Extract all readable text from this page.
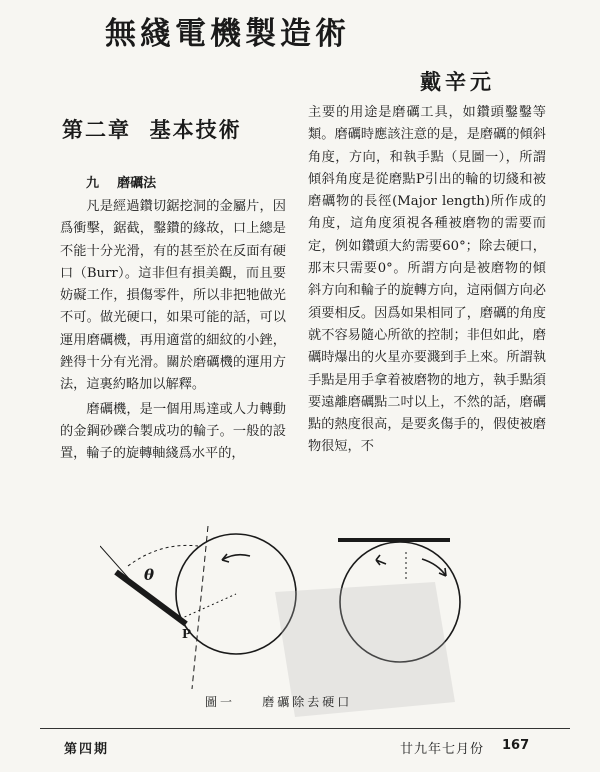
無綫電機製造術
戴辛元
第二章 基本技術
九 磨礪法

凡是經過鑽切鋸挖洞的金屬片，因爲衝擊，鋸截，鑿鑽的緣故，口上總是不能十分光滑，有的甚至於在反面有硬口（Burr）。這非但有損美觀，而且要妨礙工作，損傷零件，所以非把牠做光不可。做光硬口，如果可能的話，可以運用磨礪機，再用適當的細紋的小銼，銼得十分有光滑。關於磨礪機的運用方法，這裏約略加以解釋。

磨礪機，是一個用馬達或人力轉動的金鋼砂礫合製成功的輪子。一般的設置，輪子的旋轉軸綫爲水平的，

主要的用途是磨礪工具，如鑽頭鑿鑿等類。磨礪時應該注意的是，是磨礪的傾斜角度，方向，和執手點（見圖一），所謂傾斜角度是從磨點P引出的輪的切綫和被磨礪物的長徑(Major length)所作成的角度，這角度須視各種被磨物的需要而定，例如鑽頭大約需要60°；除去硬口，那末只需要0°。所謂方向是被磨物的傾斜方向和輪子的旋轉方向，這兩個方向必須要相反。因爲如果相同了，磨礪的角度就不容易隨心所欲的控制；非但如此，磨礪時爆出的火星亦要濺到手上來。所謂執手點是用手拿着被磨物的地方，執手點須要遠離磨礪點二吋以上，不然的話，磨礪點的熱度很高，是要炙傷手的，假使被磨物很短，不

θ
P
圖一 磨礪除去硬口
第四期	廿九年七月份 167
